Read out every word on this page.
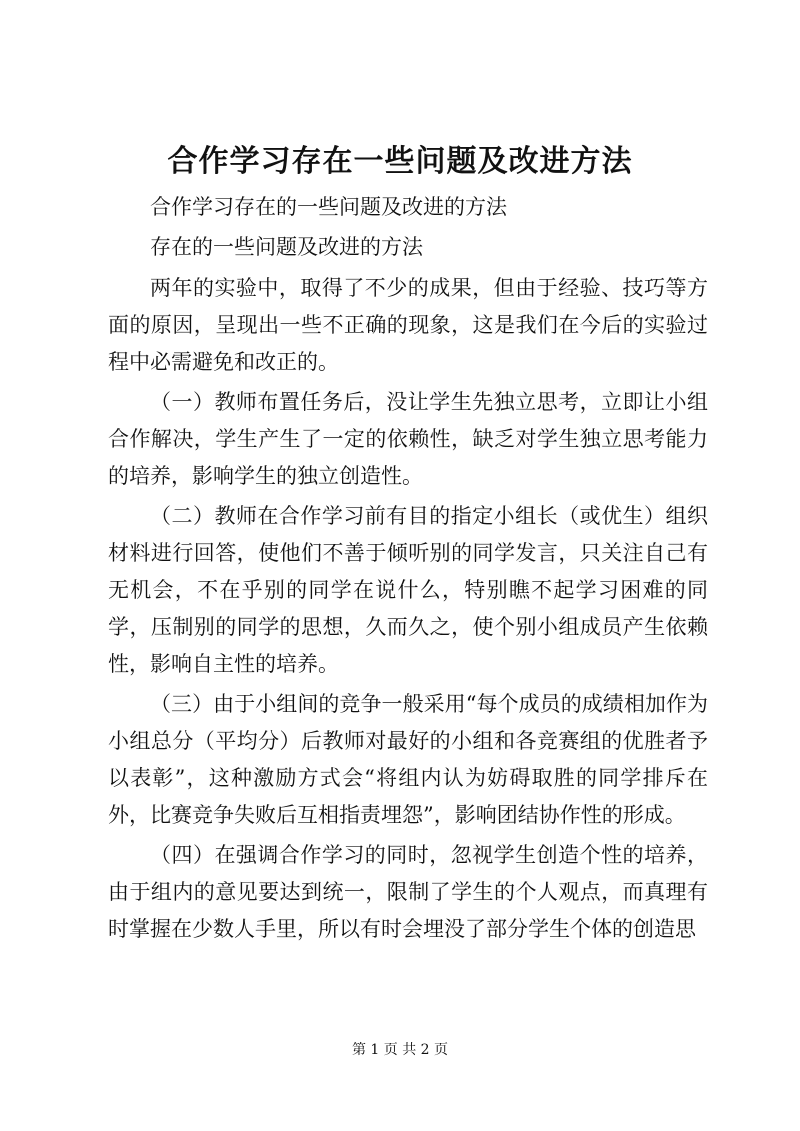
合作学习存在一些问题及改进方法

合作学习存在的一些问题及改进的方法

存在的一些问题及改进的方法

两年的实验中，取得了不少的成果，但由于经验、技巧等方面的原因，呈现出一些不正确的现象，这是我们在今后的实验过程中必需避免和改正的。

（一）教师布置任务后，没让学生先独立思考，立即让小组合作解决，学生产生了一定的依赖性，缺乏对学生独立思考能力的培养，影响学生的独立创造性。

（二）教师在合作学习前有目的指定小组长（或优生）组织材料进行回答，使他们不善于倾听别的同学发言，只关注自己有无机会，不在乎别的同学在说什么，特别瞧不起学习困难的同学，压制别的同学的思想，久而久之，使个别小组成员产生依赖性，影响自主性的培养。

（三）由于小组间的竞争一般采用“每个成员的成绩相加作为小组总分（平均分）后教师对最好的小组和各竞赛组的优胜者予以表彰”，这种激励方式会“将组内认为妨碍取胜的同学排斥在外，比赛竞争失败后互相指责埋怨”，影响团结协作性的形成。

（四）在强调合作学习的同时，忽视学生创造个性的培养，由于组内的意见要达到统一，限制了学生的个人观点，而真理有时掌握在少数人手里，所以有时会埋没了部分学生个体的创造思

第 1 页 共 2 页
